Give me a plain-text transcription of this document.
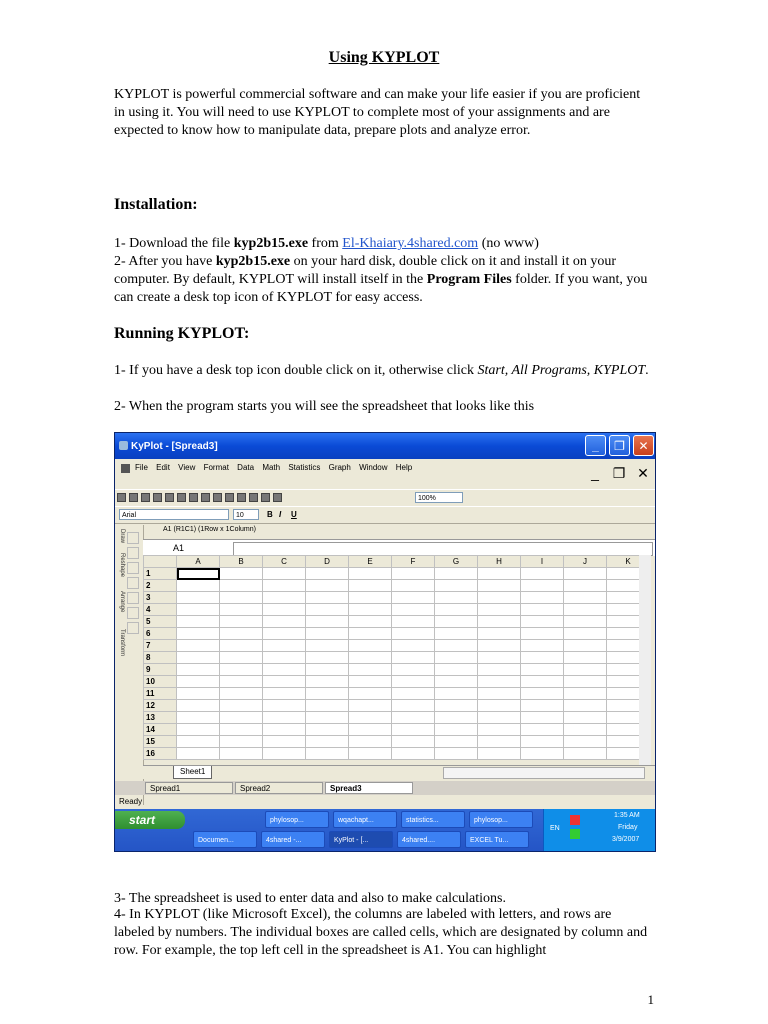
Using KYPLOT
KYPLOT is powerful commercial software and can make your life easier if you are proficient in using it. You will need to use KYPLOT to complete most of your assignments and are expected to know how to manipulate data, prepare plots and analyze error.
Installation:
1- Download the file kyp2b15.exe from El-Khaiary.4shared.com (no www)
2- After you have kyp2b15.exe on your hard disk, double click on it and install it on your computer. By default, KYPLOT will install itself in the Program Files folder. If you want, you can create a desk top icon of KYPLOT for easy access.
Running KYPLOT:
1- If you have a desk top icon double click on it, otherwise click Start, All Programs, KYPLOT.
2- When the program starts you will see the spreadsheet that looks like this
KyPlot - [Spread3]	_	❐	✕
File Edit View Format Data Math Statistics Graph Window Help	_ ❐ ✕
100%
Arial	10	B I U
Draw
Reshape
Arrange
Transform
A1 (R1C1) (1Row x 1Column)
A1
	A	B	C	D	E	F	G	H	I	J	K
1											
2											
3											
4											
5											
6											
7											
8											
9											
10											
11											
12											
13											
14											
15											
16											
Sheet1
Spread1	Spread2	Spread3
Ready
start	phylosop...	wqachapt...	statistics...	phylosop...
Documen...	4shared -...	KyPlot - [...	4shared....	EXCEL Tu...
EN
1:35 AM
Friday
3/9/2007
3- The spreadsheet is used to enter data and also to make calculations.
4- In KYPLOT (like Microsoft Excel), the columns are labeled with letters, and rows are labeled by numbers. The individual boxes are called cells, which are designated by column and row. For example, the top left cell in the spreadsheet is A1. You can highlight
1
